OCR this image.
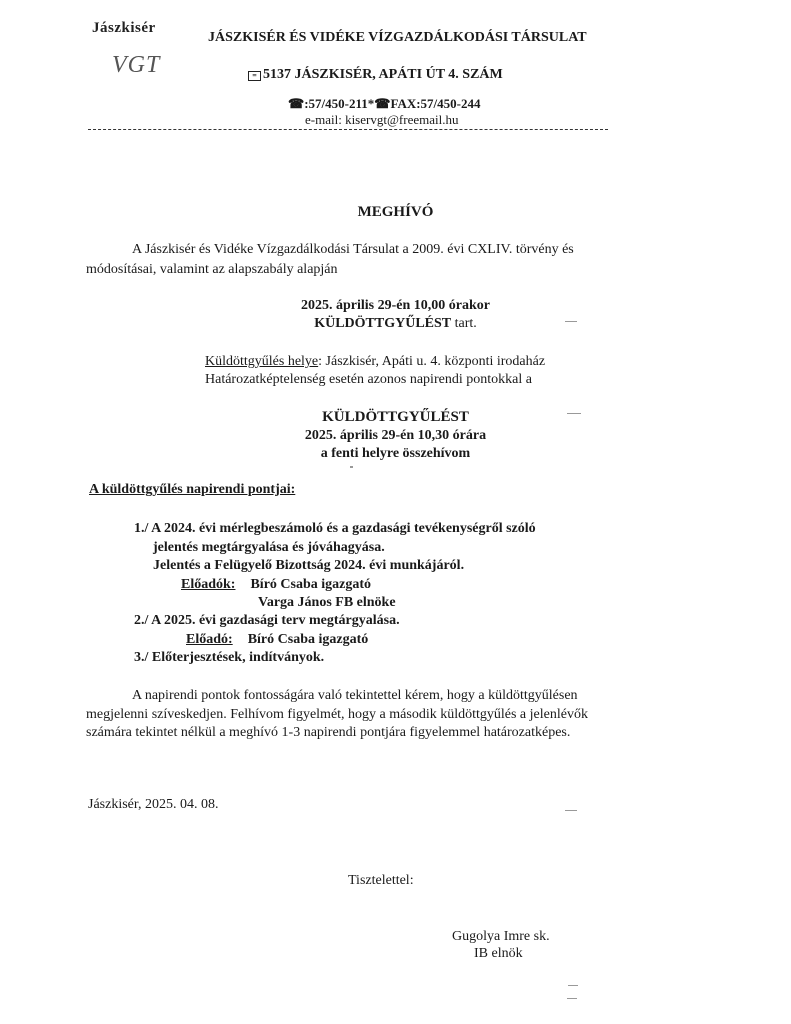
Jászkisér
VGT
JÁSZKISÉR ÉS VIDÉKE VÍZGAZDÁLKODÁSI TÁRSULAT
= 5137 JÁSZKISÉR, APÁTI ÚT 4. SZÁM
☎:57/450-211*☎FAX:57/450-244
e-mail: kiservgt@freemail.hu
MEGHÍVÓ
A Jászkisér és Vidéke Vízgazdálkodási Társulat a 2009. évi CXLIV. törvény és
módosításai, valamint az alapszabály alapján
2025. április 29-én 10,00 órakor
KÜLDÖTTGYŰLÉST tart.
Küldöttgyűlés helye: Jászkisér, Apáti u. 4. központi irodaház
Határozatképtelenség esetén azonos napirendi pontokkal a
KÜLDÖTTGYŰLÉST
2025. április 29-én 10,30 órára
a fenti helyre összehívom
A küldöttgyűlés napirendi pontjai:
1./ A 2024. évi mérlegbeszámoló és a gazdasági tevékenységről szóló
jelentés megtárgyalása és jóváhagyása.
Jelentés a Felügyelő Bizottság 2024. évi munkájáról.
Előadók: Bíró Csaba igazgató
Varga János FB elnöke
2./ A 2025. évi gazdasági terv megtárgyalása.
Előadó: Bíró Csaba igazgató
3./ Előterjesztések, indítványok.
A napirendi pontok fontosságára való tekintettel kérem, hogy a küldöttgyűlésen
megjelenni szíveskedjen. Felhívom figyelmét, hogy a második küldöttgyűlés a jelenlévők
számára tekintet nélkül a meghívó 1-3 napirendi pontjára figyelemmel határozatképes.
Jászkisér, 2025. 04. 08.
Tisztelettel:
Gugolya Imre sk.
IB elnök
